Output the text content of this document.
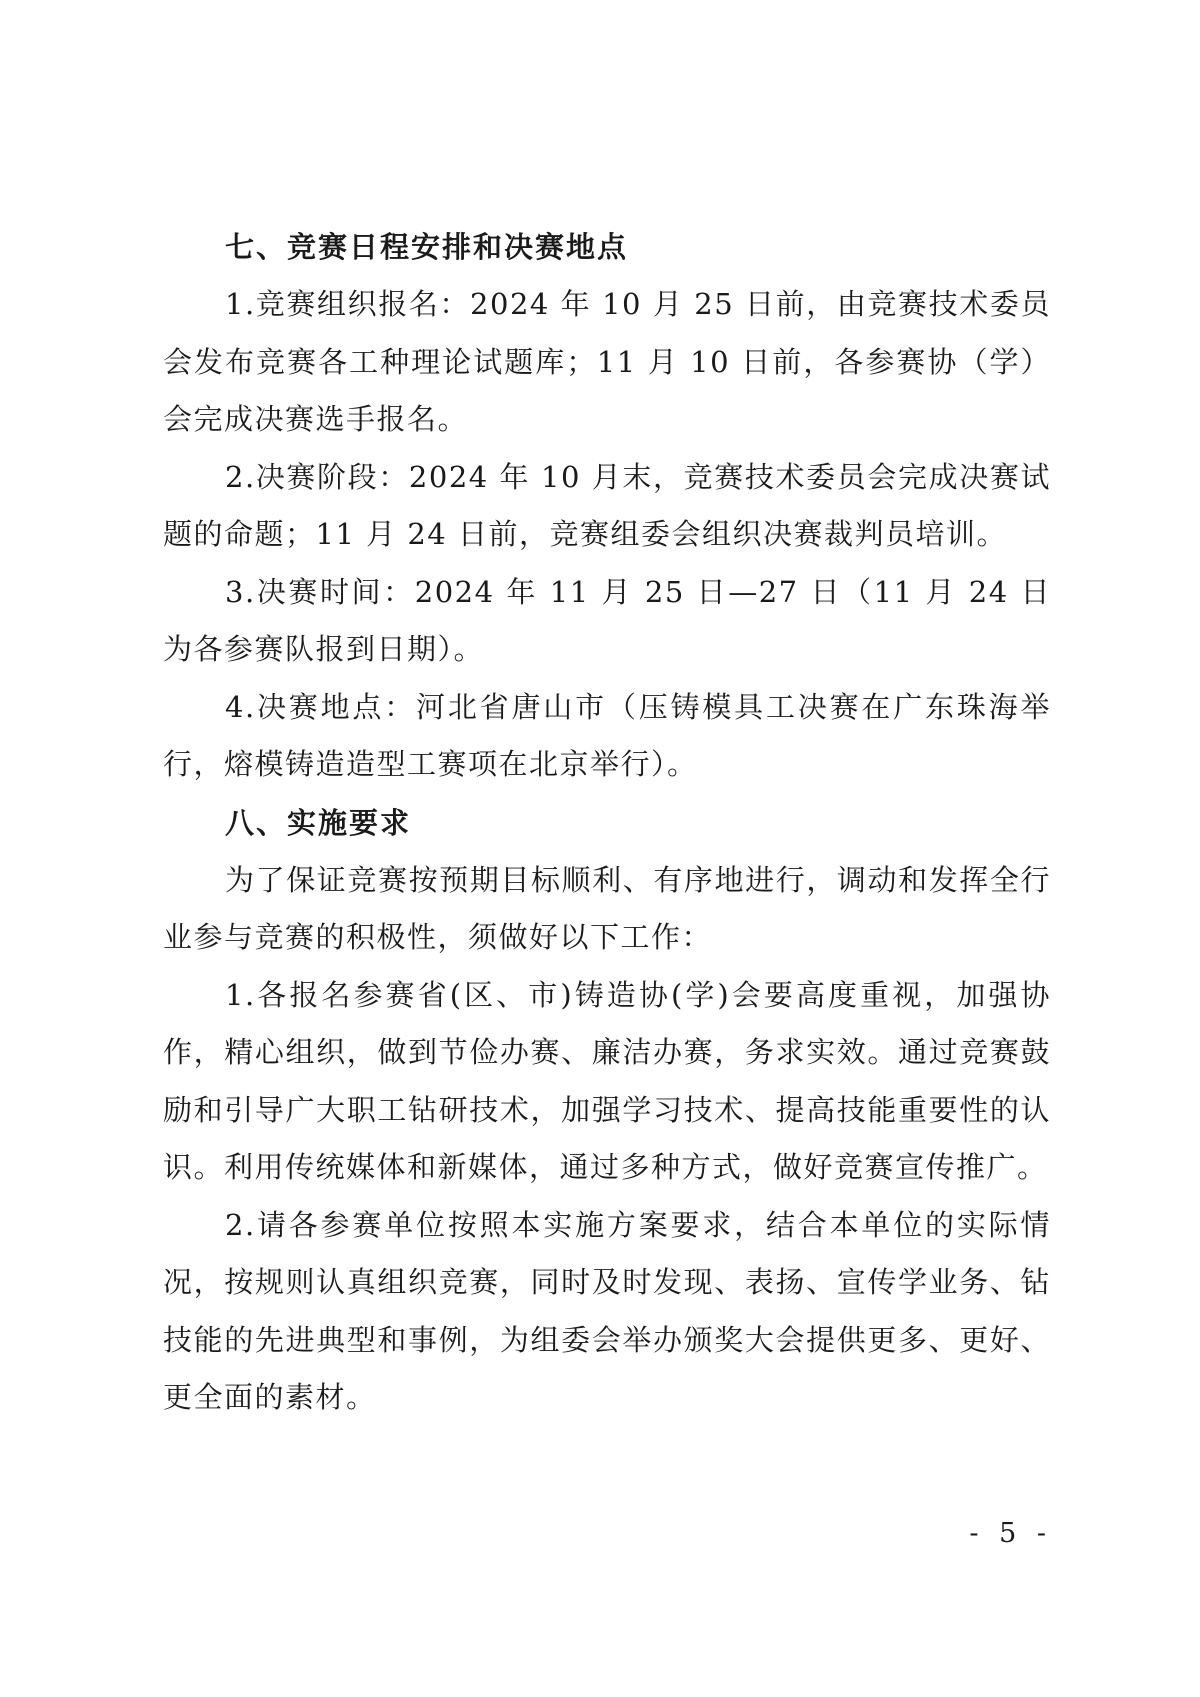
七、竞赛日程安排和决赛地点

1.竞赛组织报名：2024 年 10 月 25 日前，由竞赛技术委员会发布竞赛各工种理论试题库；11 月 10 日前，各参赛协（学）会完成决赛选手报名。

2.决赛阶段：2024 年 10 月末，竞赛技术委员会完成决赛试题的命题；11 月 24 日前，竞赛组委会组织决赛裁判员培训。

3.决赛时间：2024 年 11 月 25 日—27 日（11 月 24 日为各参赛队报到日期）。

4.决赛地点：河北省唐山市（压铸模具工决赛在广东珠海举行，熔模铸造造型工赛项在北京举行）。

八、实施要求

为了保证竞赛按预期目标顺利、有序地进行，调动和发挥全行业参与竞赛的积极性，须做好以下工作：

1.各报名参赛省(区、市)铸造协(学)会要高度重视，加强协作，精心组织，做到节俭办赛、廉洁办赛，务求实效。通过竞赛鼓励和引导广大职工钻研技术，加强学习技术、提高技能重要性的认识。利用传统媒体和新媒体，通过多种方式，做好竞赛宣传推广。

2.请各参赛单位按照本实施方案要求，结合本单位的实际情况，按规则认真组织竞赛，同时及时发现、表扬、宣传学业务、钻技能的先进典型和事例，为组委会举办颁奖大会提供更多、更好、更全面的素材。

- 5 -
